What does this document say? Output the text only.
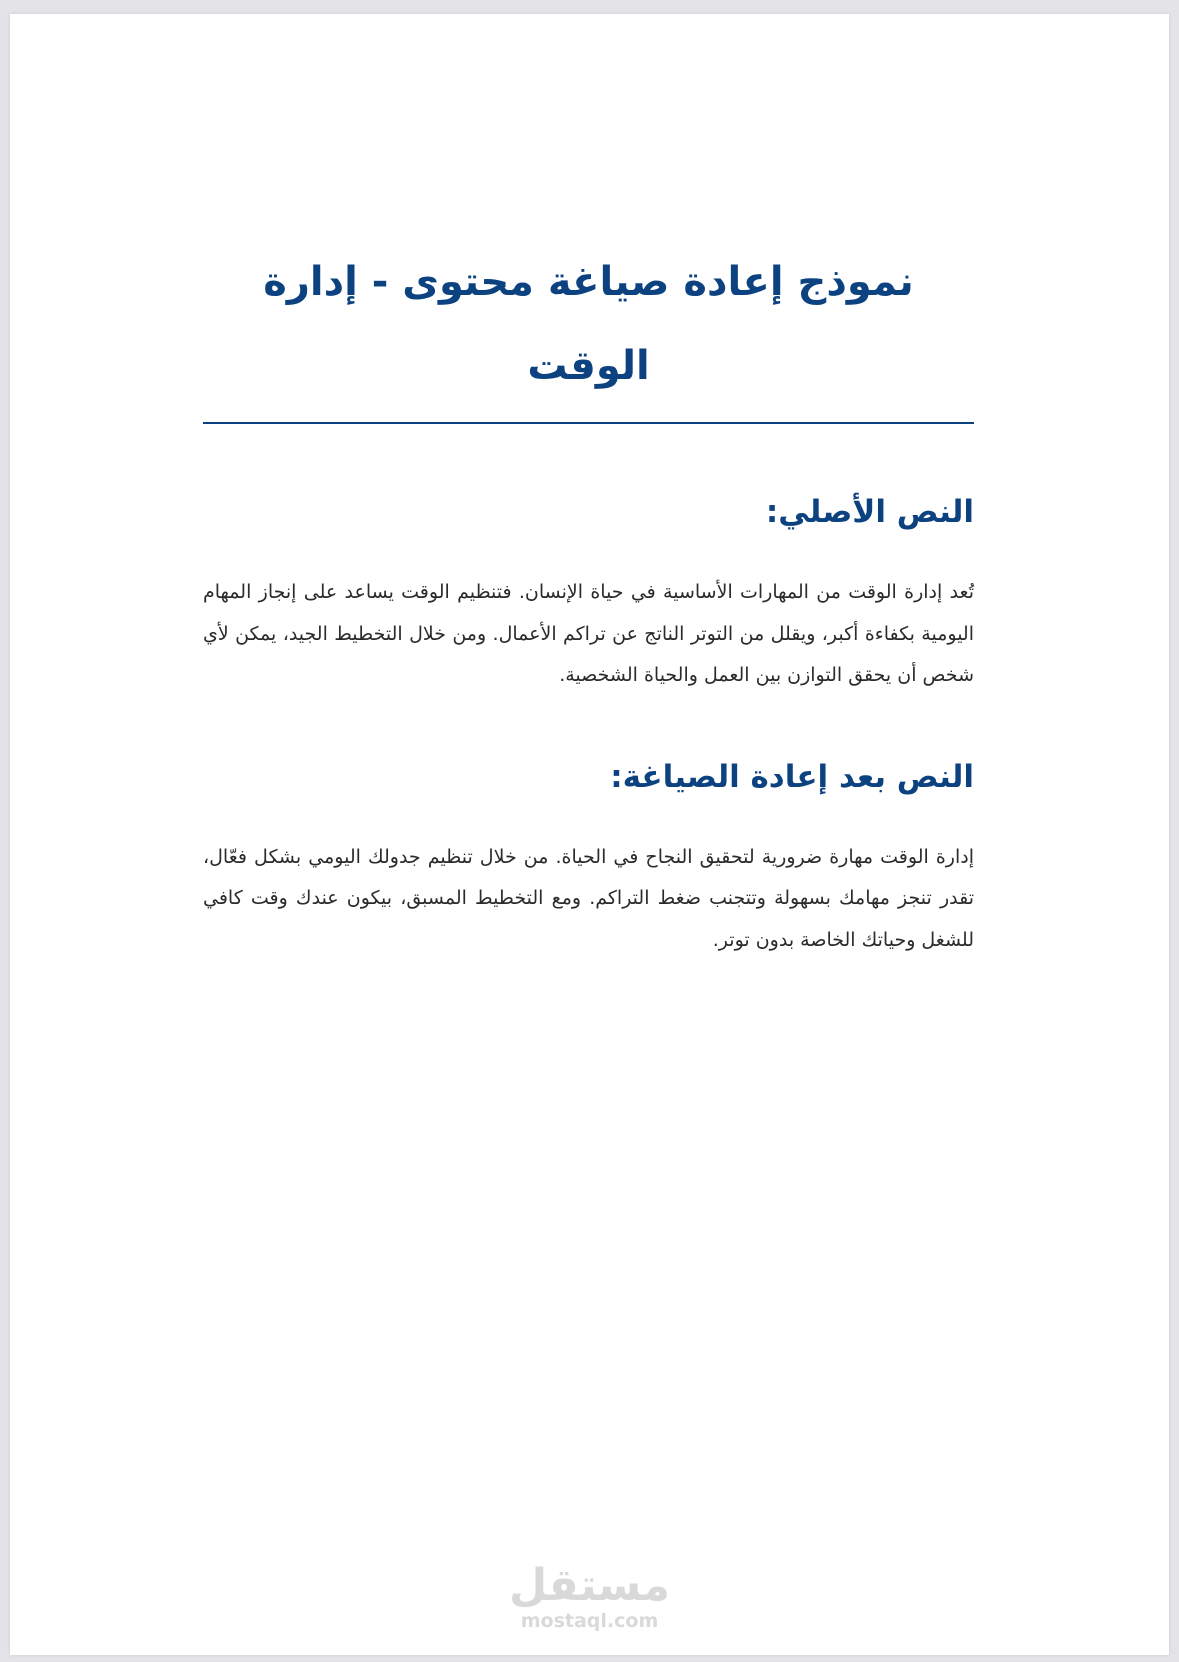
نموذج إعادة صياغة محتوى - إدارة الوقت
النص الأصلي:

تُعد إدارة الوقت من المهارات الأساسية في حياة الإنسان. فتنظيم الوقت يساعد على إنجاز المهام اليومية بكفاءة أكبر، ويقلل من التوتر الناتج عن تراكم الأعمال. ومن خلال التخطيط الجيد، يمكن لأي شخص أن يحقق التوازن بين العمل والحياة الشخصية.

النص بعد إعادة الصياغة:

إدارة الوقت مهارة ضرورية لتحقيق النجاح في الحياة. من خلال تنظيم جدولك اليومي بشكل فعّال، تقدر تنجز مهامك بسهولة وتتجنب ضغط التراكم. ومع التخطيط المسبق، بيكون عندك وقت كافي للشغل وحياتك الخاصة بدون توتر.

مستقل
mostaql.com
